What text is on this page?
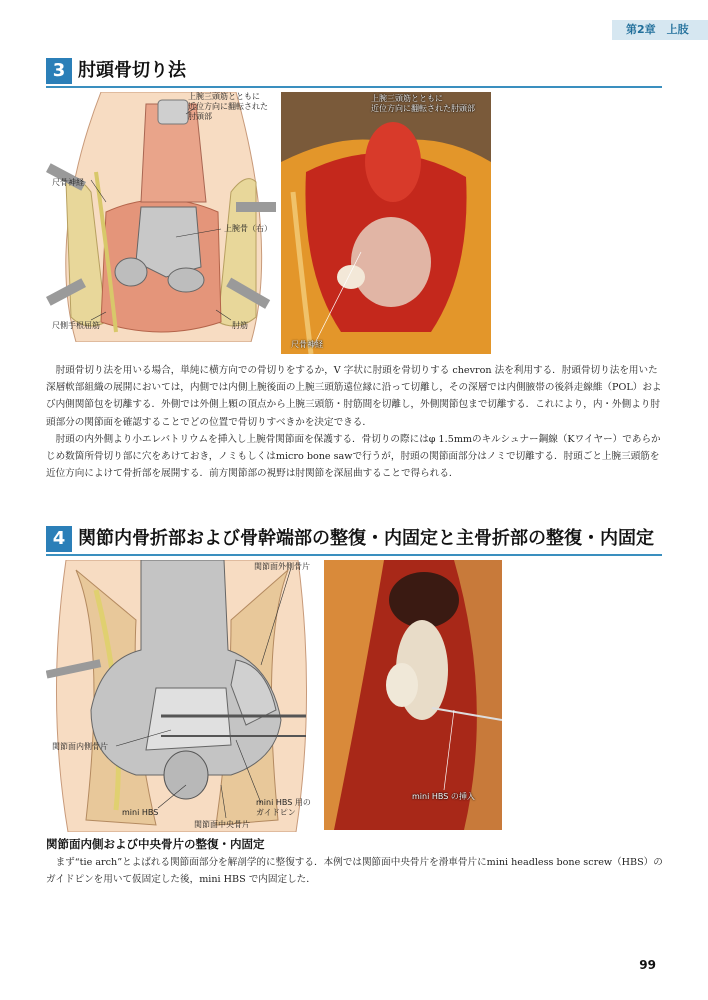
第2章　上肢
3 肘頭骨切り法
上腕三頭筋とともに
近位方向に翻転された
肘頭部
尺骨神経
上腕骨（右）
尺側手根屈筋	肘筋
上腕三頭筋とともに
近位方向に翻転された肘頭部
尺骨神経

肘頭骨切り法を用いる場合，単純に横方向での骨切りをするか，V 字状に肘頭を骨切りする chevron 法を利用する．肘頭骨切り法を用いた深層軟部組織の展開においては，内側では内側上腕後面の上腕三頭筋遠位縁に沿って切離し，その深層では内側腋帯の後斜走線維（POL）および内側関節包を切離する．外側では外側上顆の頂点から上腕三頭筋・肘筋間を切離し，外側関節包まで切離する．これにより，内・外側より肘頭部分の関節面を確認することでどの位置で骨切りすべきかを決定できる．

肘頭の内外側より小エレバトリウムを挿入し上腕骨関節面を保護する．骨切りの際にはφ 1.5mmのキルシュナー鋼線（Kワイヤー）であらかじめ数箇所骨切り部に穴をあけておき，ノミもしくはmicro bone sawで行うが，肘頭の関節面部分はノミで切離する．肘頭ごと上腕三頭筋を近位方向によけて骨折部を展開する．前方関節部の視野は肘関節を深屈曲することで得られる．

4 関節内骨折部および骨幹端部の整復・内固定と主骨折部の整復・内固定
関節面外側骨片
関節面内側骨片
mini HBS
mini HBS 用の
ガイドピン
関節面中央骨片
mini HBS の挿入
関節面内側および中央骨片の整復・内固定

まず“tie arch”とよばれる関節面部分を解剖学的に整復する．本例では関節面中央骨片を滑車骨片にmini headless bone screw（HBS）のガイドピンを用いて仮固定した後，mini HBS で内固定した．

99
